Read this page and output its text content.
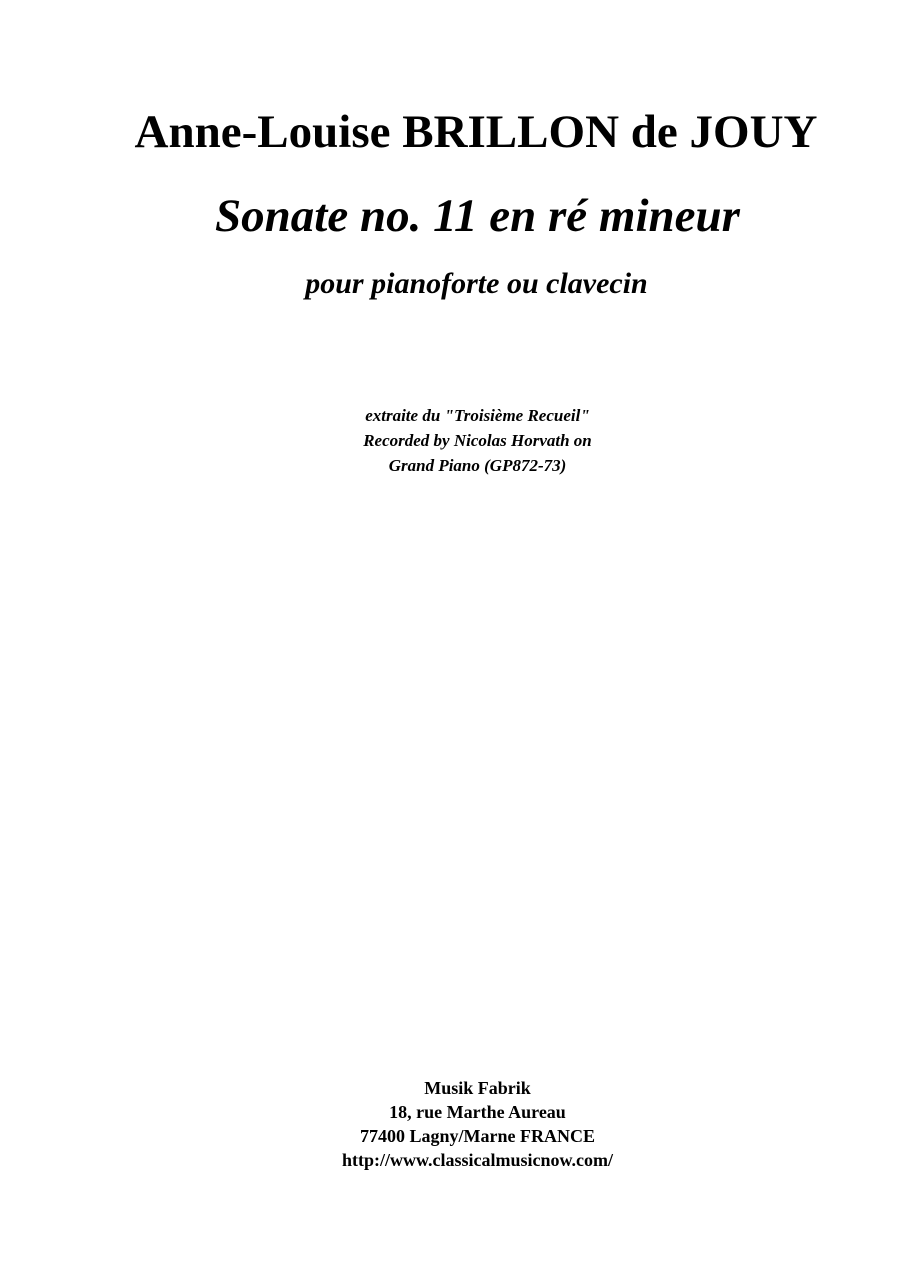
Anne-Louise BRILLON de JOUY
Sonate no. 11 en ré mineur
pour pianoforte ou clavecin
extraite du "Troisième Recueil"
Recorded by Nicolas Horvath on
Grand Piano (GP872-73)
Musik Fabrik
18, rue Marthe Aureau
77400 Lagny/Marne FRANCE
http://www.classicalmusicnow.com/
